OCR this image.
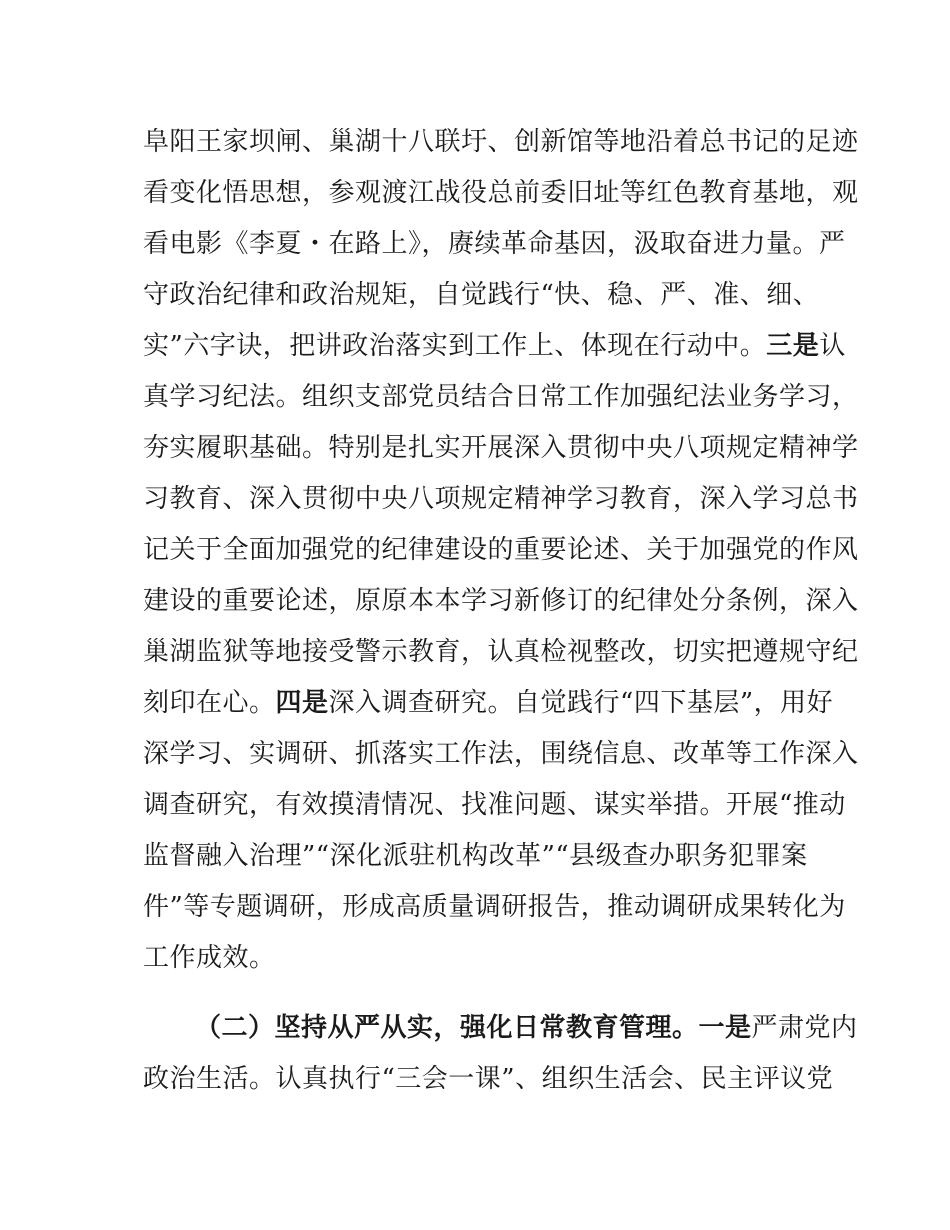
阜阳王家坝闸、巢湖十八联圩、创新馆等地沿着总书记的足迹
看变化悟思想，参观渡江战役总前委旧址等红色教育基地，观
看电影《李夏・在路上》，赓续革命基因，汲取奋进力量。严
守政治纪律和政治规矩，自觉践行“快、稳、严、准、细、
实”六字诀，把讲政治落实到工作上、体现在行动中。三是认
真学习纪法。组织支部党员结合日常工作加强纪法业务学习，
夯实履职基础。特别是扎实开展深入贯彻中央八项规定精神学
习教育、深入贯彻中央八项规定精神学习教育，深入学习总书
记关于全面加强党的纪律建设的重要论述、关于加强党的作风
建设的重要论述，原原本本学习新修订的纪律处分条例，深入
巢湖监狱等地接受警示教育，认真检视整改，切实把遵规守纪
刻印在心。四是深入调查研究。自觉践行“四下基层”，用好
深学习、实调研、抓落实工作法，围绕信息、改革等工作深入
调查研究，有效摸清情况、找准问题、谋实举措。开展“推动
监督融入治理”“深化派驻机构改革”“县级查办职务犯罪案
件”等专题调研，形成高质量调研报告，推动调研成果转化为
工作成效。
（二）坚持从严从实，强化日常教育管理。一是严肃党内
政治生活。认真执行“三会一课”、组织生活会、民主评议党
